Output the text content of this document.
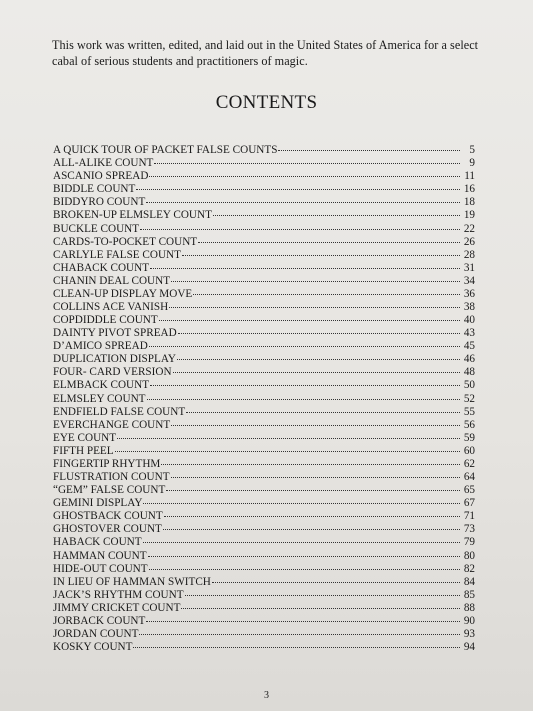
This work was written, edited, and laid out in the United States of America for a select cabal of serious students and practitioners of magic.

CONTENTS
A QUICK TOUR OF PACKET FALSE COUNTS	5
ALL-ALIKE COUNT	9
ASCANIO SPREAD	11
BIDDLE COUNT	16
BIDDYRO COUNT	18
BROKEN-UP ELMSLEY COUNT	19
BUCKLE COUNT	22
CARDS-TO-POCKET COUNT	26
CARLYLE FALSE COUNT	28
CHABACK COUNT	31
CHANIN DEAL COUNT	34
CLEAN-UP DISPLAY MOVE	36
COLLINS ACE VANISH	38
COPDIDDLE COUNT	40
DAINTY PIVOT SPREAD	43
D’AMICO SPREAD	45
DUPLICATION DISPLAY	46
FOUR- CARD VERSION	48
ELMBACK COUNT	50
ELMSLEY COUNT	52
ENDFIELD FALSE COUNT	55
EVERCHANGE COUNT	56
EYE COUNT	59
FIFTH PEEL	60
FINGERTIP RHYTHM	62
FLUSTRATION COUNT	64
“GEM” FALSE COUNT	65
GEMINI DISPLAY	67
GHOSTBACK COUNT	71
GHOSTOVER COUNT	73
HABACK COUNT	79
HAMMAN COUNT	80
HIDE-OUT COUNT	82
IN LIEU OF HAMMAN SWITCH	84
JACK’S RHYTHM COUNT	85
JIMMY CRICKET COUNT	88
JORBACK COUNT	90
JORDAN COUNT	93
KOSKY COUNT	94
3
